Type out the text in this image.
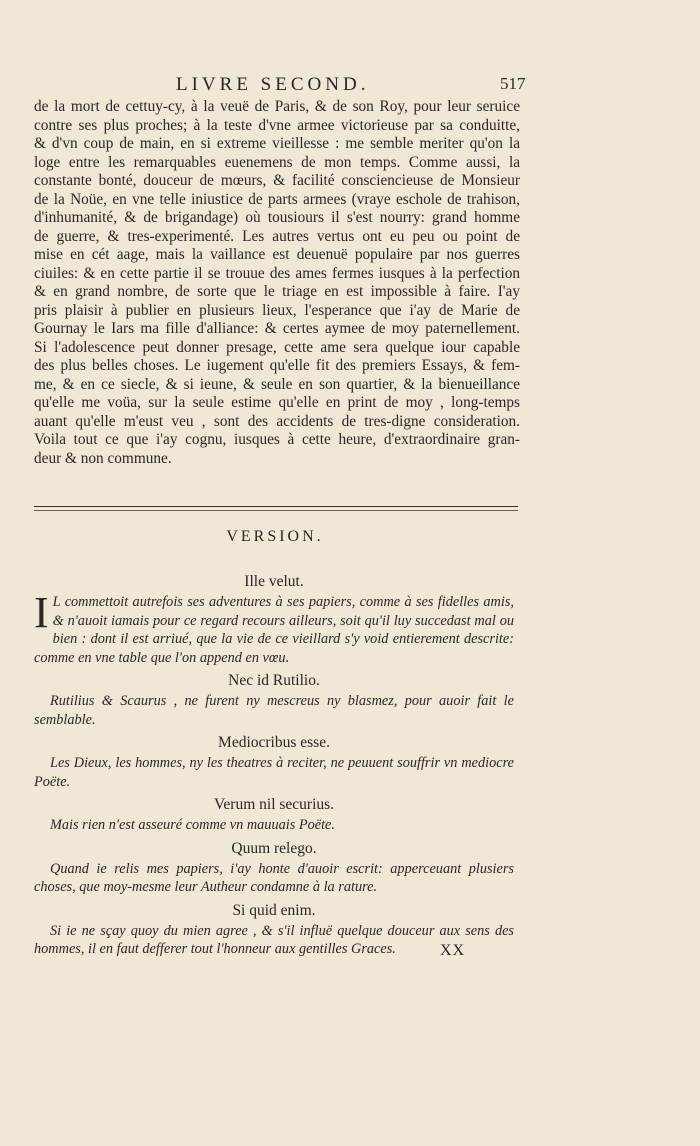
LIVRE SECOND.	517
de la mort de cettuy-cy, à la veuë de Paris, & de son Roy, pour leur seruice
contre ses plus proches; à la teste d'vne armee victorieuse par sa conduitte,
& d'vn coup de main, en si extreme vieillesse : me semble meriter qu'on la
loge entre les remarquables euenemens de mon temps. Comme aussi, la
constante bonté, douceur de mœurs, & facilité consciencieuse de Monsieur
de la Noüe, en vne telle iniustice de parts armees (vraye eschole de trahison,
d'inhumanité, & de brigandage) où tousiours il s'est nourry: grand homme
de guerre, & tres-experimenté. Les autres vertus ont eu peu ou point de
mise en cét aage, mais la vaillance est deuenuë populaire par nos guerres
ciuiles: & en cette partie il se trouue des ames fermes iusques à la perfection
& en grand nombre, de sorte que le triage en est impossible à faire. I'ay
pris plaisir à publier en plusieurs lieux, l'esperance que i'ay de Marie de
Gournay le Iars ma fille d'alliance: & certes aymee de moy paternellement.
Si l'adolescence peut donner presage, cette ame sera quelque iour capable
des plus belles choses. Le iugement qu'elle fit des premiers Essays, & fem-
me, & en ce siecle, & si ieune, & seule en son quartier, & la bienueillance
qu'elle me voüa, sur la seule estime qu'elle en print de moy , long-temps
auant qu'elle m'eust veu , sont des accidents de tres-digne consideration.
Voila tout ce que i'ay cognu, iusques à cette heure, d'extraordinaire gran-
deur & non commune.
VERSION.
Ille velut.

I L commettoit autrefois ses adventures à ses papiers, comme à ses fidelles amis, & n'auoit iamais pour ce regard recours ailleurs, soit qu'il luy succedast mal ou bien : dont il est arriué, que la vie de ce vieillard s'y void entierement descrite: comme en vne table que l'on append en vœu.

Nec id Rutilio.

Rutilius & Scaurus , ne furent ny mescreus ny blasmez, pour auoir fait le semblable.

Mediocribus esse.

Les Dieux, les hommes, ny les theatres à reciter, ne peuuent souffrir vn mediocre Poëte.

Verum nil securius.

Mais rien n'est asseuré comme vn mauuais Poëte.

Quum relego.

Quand ie relis mes papiers, i'ay honte d'auoir escrit: apperceuant plusiers choses, que moy-mesme leur Autheur condamne à la rature.

Si quid enim.

Si ie ne sçay quoy du mien agree , & s'il influë quelque douceur aux sens des hommes, il en faut defferer tout l'honneur aux gentilles Graces.	XX
